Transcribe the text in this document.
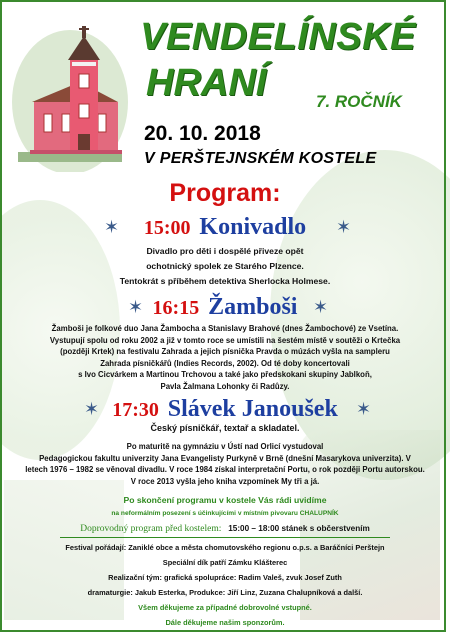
VENDELÍNSKÉ
HRANÍ	7. ROČNÍK
20. 10. 2018
V PERŠTEJNSKÉM KOSTELE
Program:
✶	✶
15:00 Konivadlo
Divadlo pro děti i dospělé přiveze opět
ochotnický spolek ze Starého Plzence.
Tentokrát s příběhem detektiva Sherlocka Holmese.
✶	✶
16:15 Žamboši
Žamboši je folkové duo Jana Žambocha a Stanislavy Brahové (dnes Žambochové) ze Vsetína.
Vystupují spolu od roku 2002 a již v tomto roce se umístili na šestém místě v soutěži o Krtečka
(později Krtek) na festivalu Zahrada a jejich písnička Pravda o múzách vyšla na sampleru
Zahrada písničkářů (Indies Records, 2002). Od té doby koncertovali
s Ivo Cicvárkem a Martinou Trchovou a také jako předskokani skupiny Jablkoň,
Pavla Žalmana Lohonky či Radůzy.
✶	✶
17:30 Slávek Janoušek
Český písničkář, textař a skladatel.
Po maturitě na gymnáziu v Ústí nad Orlicí vystudoval
Pedagogickou fakultu univerzity Jana Evangelisty Purkyně v Brně (dnešní Masarykova univerzita). V
letech 1976 – 1982 se věnoval divadlu. V roce 1984 získal interpretační Portu, o rok později Portu autorskou.
V roce 2013 vyšla jeho kniha vzpomínek My tři a já.
Po skončení programu v kostele Vás rádi uvidíme
na neformálním posezení s účinkujícími v místním pivovaru CHALUPNÍK
Doprovodný program před kostelem: 15:00 – 18:00 stánek s občerstvením
Festival pořádají: Zaniklé obce a města chomutovského regionu o.p.s. a Baráčníci Perštejn
Speciální dík patří Zámku Klášterec
Realizační tým: grafická spolupráce: Radim Valeš, zvuk Josef Zuth
dramaturgie: Jakub Esterka, Produkce: Jiří Linz, Zuzana Chalupníková a další.
Všem děkujeme za případné dobrovolné vstupné.
Dále děkujeme našim sponzorům.
